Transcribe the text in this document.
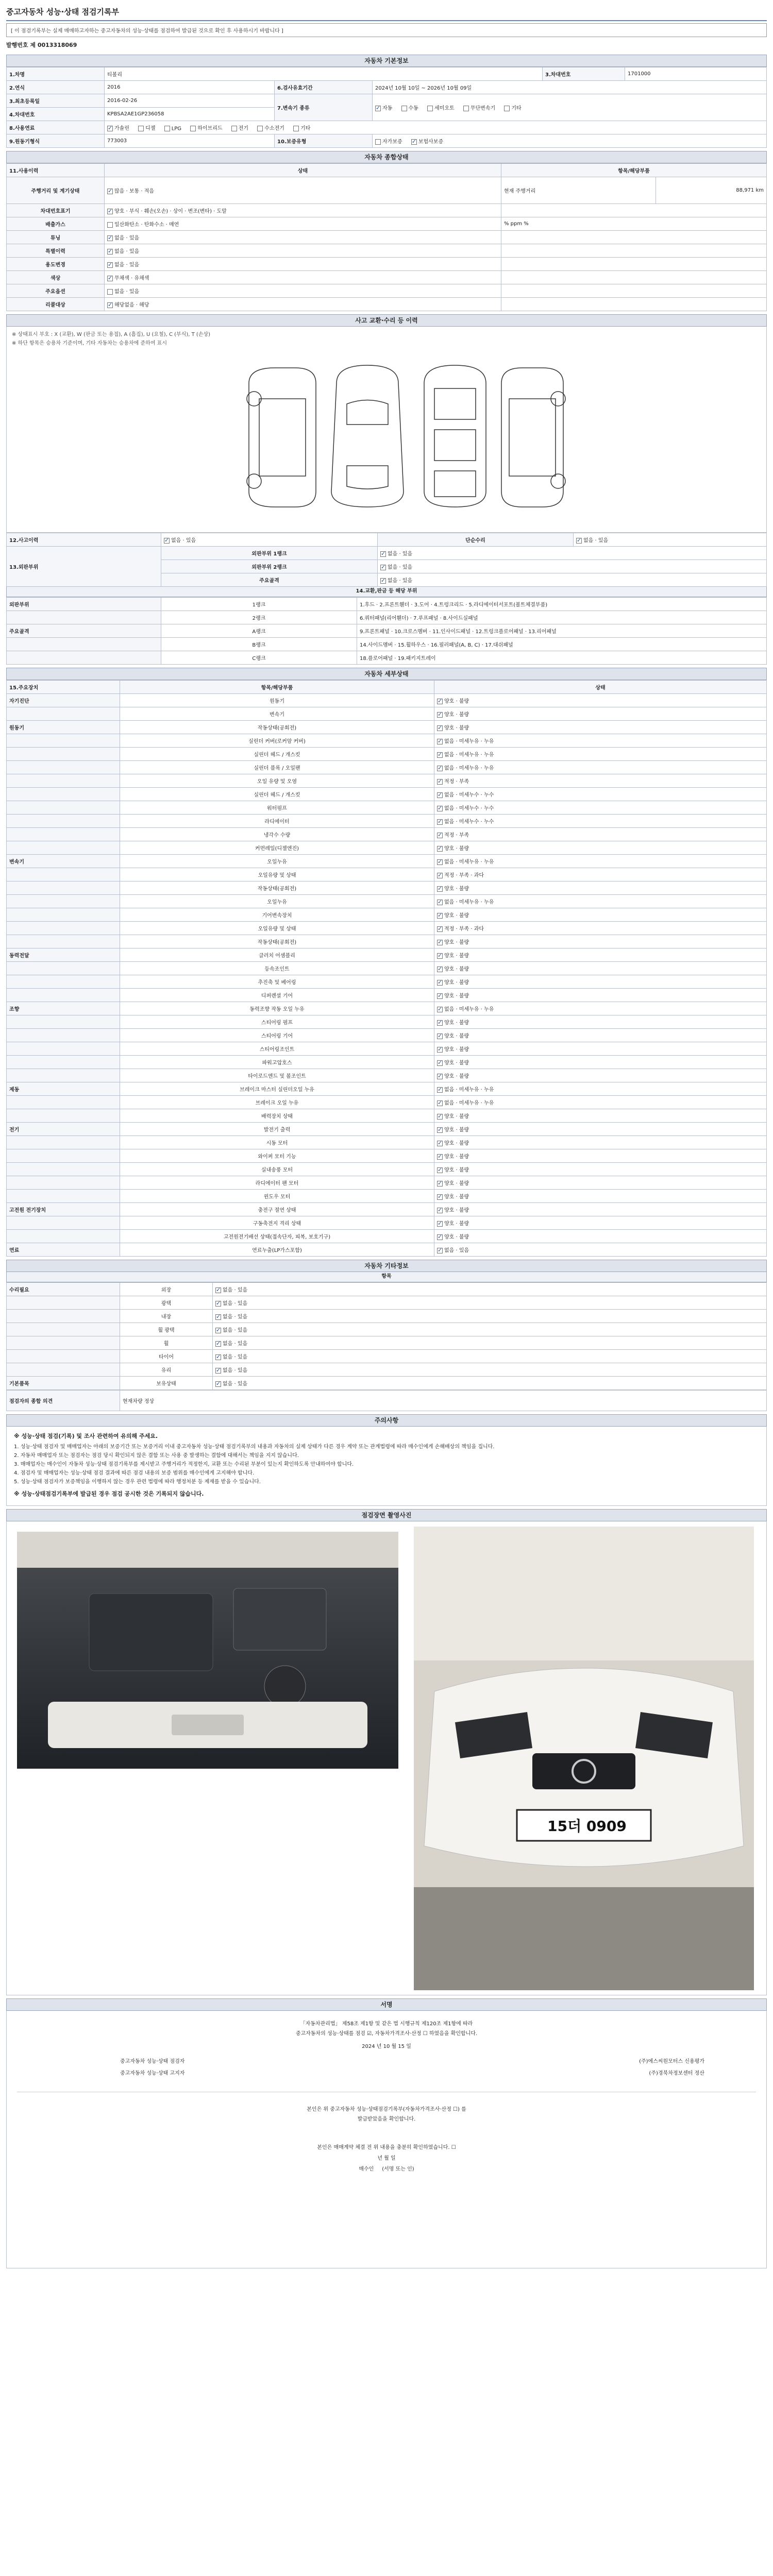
중고자동차 성능·상태 점검기록부
[ 이 점검기록부는 실제 매매하고자하는 중고자동차의 성능·상태를 점검하여 발급된 것으로 확인 후 사용하시기 바랍니다 ]
발행번호 제 0013318069
자동차 기본정보
1.차명	티볼리			3.차대번호	1701000
2.연식	2016	6.검사유효기간	2024년 10월 10일 ~ 2026년 10월 09일		
3.최초등록일	2016-02-26	7.변속기 종류	✓자동 수동 세미오토 무단변속기 기타
4.차대번호	KPBSA2AE1GP236058				
8.사용연료	✓가솔린 디젤 LPG 하이브리드 전기 수소전기 기타
9.원동기형식	773003	10.보증유형	자가보증 ✓ 보험사보증
자동차 종합상태
11.사용이력	상태	항목/해당부품	
주행거리 및 계기상태	✓많음 · 보통 · 적음	현재 주행거리	88,971 km
차대번호표기	✓양호 · 부식 · 훼손(오손) · 상이 · 변조(변타) · 도말	
배출가스	일산화탄소 · 탄화수소 · 매연	% ppm %	
튜닝	✓없음 · 있음	
특별이력	✓없음 · 있음	
용도변경	✓없음 · 있음	
색상	✓무채색 · 유채색	
주요옵션	없음 · 있음		
리콜대상	✓해당없음 · 해당	
사고 교환·수리 등 이력
※ 상태표시 부호 : X (교환), W (판금 또는 용접), A (흠집), U (요철), C (부식), T (손상)
※ 하단 항목은 승용차 기준이며, 기타 자동차는 승용차에 준하여 표시
12.사고이력	✓없음 · 있음	단순수리	✓없음 · 있음
13.외판부위	외판부위 1랭크	✓없음 · 있음
	외판부위 2랭크	✓없음 · 있음
	주요골격	✓없음 · 있음
14.교환,판금 등 해당 부위
외판부위	1랭크	1.후드 · 2.프론트휀더 · 3.도어 · 4.트렁크리드 · 5.라디에이터서포트(볼트체결부품)
	2랭크	6.쿼터패널(리어휀더) · 7.루프패널 · 8.사이드실패널
주요골격	A랭크	9.프론트패널 · 10.크로스멤버 · 11.인사이드패널 · 12.트렁크플로어패널 · 13.리어패널
	B랭크	14.사이드멤버 · 15.휠하우스 · 16.필러패널(A, B, C) · 17.대쉬패널
	C랭크	18.플로어패널 · 19.패키지트레이
자동차 세부상태
15.주요장치	항목/해당부품	상태
자기진단	원동기	✓양호 · 불량
	변속기	✓양호 · 불량
원동기	작동상태(공회전)	✓양호 · 불량
	실린더 커버(로커암 커버)	✓없음 · 미세누유 · 누유
	실린더 헤드 / 개스킷	✓없음 · 미세누유 · 누유
	실린더 블록 / 오일팬	✓없음 · 미세누유 · 누유
	오일 유량 및 오염	✓적정 · 부족
	실린더 헤드 / 개스킷	✓없음 · 미세누수 · 누수
	워터펌프	✓없음 · 미세누수 · 누수
	라디에이터	✓없음 · 미세누수 · 누수
	냉각수 수량	✓적정 · 부족
	커먼레일(디젤엔진)	✓양호 · 불량
변속기	오일누유	✓없음 · 미세누유 · 누유
	오일유량 및 상태	✓적정 · 부족 · 과다
	작동상태(공회전)	✓양호 · 불량
	오일누유	✓없음 · 미세누유 · 누유
	기어변속장치	✓양호 · 불량
	오일유량 및 상태	✓적정 · 부족 · 과다
	작동상태(공회전)	✓양호 · 불량
동력전달	클러치 어셈블리	✓양호 · 불량
	등속조인트	✓양호 · 불량
	추진축 및 베어링	✓양호 · 불량
	디퍼렌셜 기어	✓양호 · 불량
조향	동력조향 작동 오일 누유	✓없음 · 미세누유 · 누유
	스티어링 펌프	✓양호 · 불량
	스티어링 기어	✓양호 · 불량
	스티어링조인트	✓양호 · 불량
	파워고압호스	✓양호 · 불량
	타이로드엔드 및 볼조인트	✓양호 · 불량
제동	브레이크 마스터 실린더오일 누유	✓없음 · 미세누유 · 누유
	브레이크 오일 누유	✓없음 · 미세누유 · 누유
	배력장치 상태	✓양호 · 불량
전기	발전기 출력	✓양호 · 불량
	시동 모터	✓양호 · 불량
	와이퍼 모터 기능	✓양호 · 불량
	실내송풍 모터	✓양호 · 불량
	라디에이터 팬 모터	✓양호 · 불량
	윈도우 모터	✓양호 · 불량
고전원 전기장치	충전구 절연 상태	✓양호 · 불량
	구동축전지 격리 상태	✓양호 · 불량
	고전원전기배선 상태(접속단자, 피복, 보호기구)	✓양호 · 불량
연료	연료누출(LP가스포함)	✓없음 · 있음
자동차 기타정보
항목
수리필요	외장	✓없음 · 있음
	광택	✓없음 · 있음
	내장	✓없음 · 있음
	휠 광택	✓없음 · 있음
	휠	✓없음 · 있음
	타이어	✓없음 · 있음
	유리	✓없음 · 있음
기본품목	보유상태	✓없음 · 있음
점검자의 종합 의견	현재차량 정상
주의사항

※ 성능·상태 점검(기록) 및 조사 관련하여 유의해 주세요.

1. 성능·상태 점검자 및 매매업자는 아래의 보증기간 또는 보증거리 이내 중고자동차 성능·상태 점검기록부의 내용과 자동차의 실제 상태가 다른 경우 계약 또는 관계법령에 따라 매수인에게 손해배상의 책임을 집니다.

2. 자동차 매매업자 또는 점검자는 점검 당시 확인되지 않은 결함 또는 사용 중 발생하는 결함에 대해서는 책임을 지지 않습니다.

3. 매매업자는 매수인이 자동차 성능·상태 점검기록부를 제시받고 주행거리가 적정한지, 교환 또는 수리된 부분이 있는지 확인하도록 안내하여야 합니다.

4. 점검자 및 매매업자는 성능·상태 점검 결과에 따른 점검 내용의 보증 범위를 매수인에게 고지해야 합니다.

5. 성능·상태 점검자가 보증책임을 이행하지 않는 경우 관련 법령에 따라 행정처분 등 제재를 받을 수 있습니다.

※ 성능·상태점검기록부에 발급된 경우 점검 공시한 것은 기록되지 않습니다.

점검장면 촬영사진
15더 0909
서명
「자동차관리법」 제58조 제1항 및 같은 법 시행규칙 제120조 제1항에 따라
중고자동차의 성능·상태를 점검 ☑, 자동차가격조사·산정 ☐ 하였음을 확인합니다.
2024 년 10 월 15 일
중고자동차 성능·상태 점검자	(주)에스씨원모터스 신용평가
중고자동차 성능·상태 고지자	(주)경북차정보센터 정산
본인은 위 중고자동차 성능·상태점검기록부(자동차가격조사·산정 ☐) 를
발급받았음을 확인합니다.
본인은 매매계약 체결 전 위 내용을 충분히 확인하였습니다. ☐
년 월 일
매수인 (서명 또는 인)
